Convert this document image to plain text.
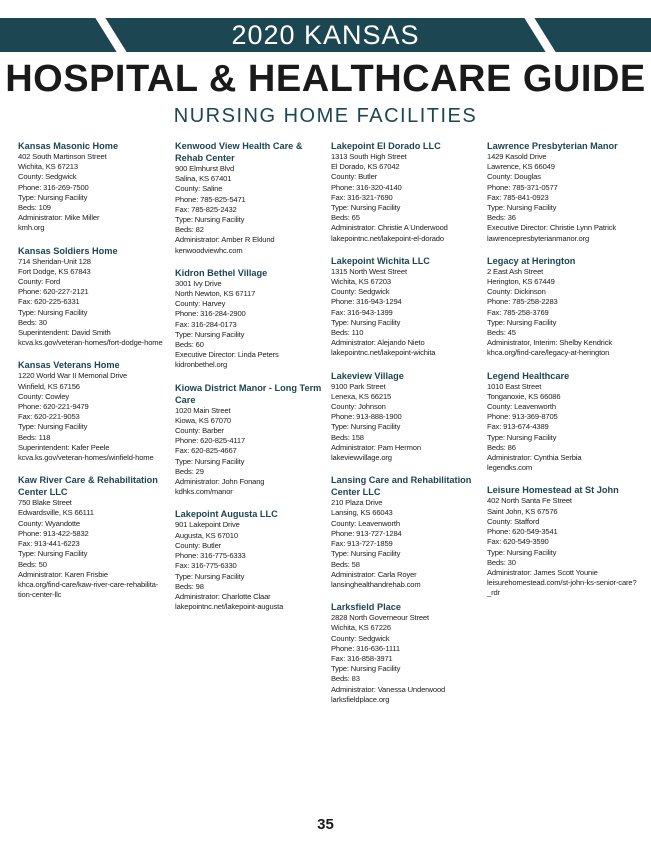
2020 KANSAS
HOSPITAL & HEALTHCARE GUIDE
NURSING HOME FACILITIES
Kansas Masonic Home
402 South Martinson Street
Wichita, KS 67213
County: Sedgwick
Phone: 316-269-7500
Type: Nursing Facility
Beds: 109
Administrator: Mike Miller
kmh.org
Kansas Soldiers Home
714 Sheridan-Unit 128
Fort Dodge, KS 67843
County: Ford
Phone: 620-227-2121
Fax: 620-225-6331
Type: Nursing Facility
Beds: 30
Superintendent: David Smith
kcva.ks.gov/veteran-homes/fort-dodge-home
Kansas Veterans Home
1220 World War II Memorial Drive
Winfield, KS 67156
County: Cowley
Phone: 620-221-9479
Fax: 620-221-9053
Type: Nursing Facility
Beds: 118
Superintendent: Kafer Peele
kcva.ks.gov/veteran-homes/winfield-home
Kaw River Care & Rehabilitation Center LLC
750 Blake Street
Edwardsville, KS 66111
County: Wyandotte
Phone: 913-422-5832
Fax: 913-441-6223
Type: Nursing Facility
Beds: 50
Administrator: Karen Frisbie
khca.org/find-care/kaw-river-care-rehabilita-tion-center-llc
Kenwood View Health Care & Rehab Center
900 Elmhurst Blvd
Salina, KS 67401
County: Saline
Phone: 785-825-5471
Fax: 785-825-2432
Type: Nursing Facility
Beds: 82
Administrator: Amber R Eklund
kenwoodviewhc.com
Kidron Bethel Village
3001 Ivy Drive
North Newton, KS 67117
County: Harvey
Phone: 316-284-2900
Fax: 316-284-0173
Type: Nursing Facility
Beds: 60
Executive Director: Linda Peters
kidronbethel.org
Kiowa District Manor - Long Term Care
1020 Main Street
Kiowa, KS 67070
County: Barber
Phone: 620-825-4117
Fax: 620-825-4667
Type: Nursing Facility
Beds: 29
Administrator: John Fonang
kdhks.com/manor
Lakepoint Augusta LLC
901 Lakepoint Drive
Augusta, KS 67010
County: Butler
Phone: 316-775-6333
Fax: 316-775-6330
Type: Nursing Facility
Beds: 98
Administrator: Charlotte Claar
lakepointnc.net/lakepoint-augusta
Lakepoint El Dorado LLC
1313 South High Street
El Dorado, KS 67042
County: Butler
Phone: 316-320-4140
Fax: 316-321-7690
Type: Nursing Facility
Beds: 65
Administrator: Christie A Underwood
lakepointnc.net/lakepoint-el-dorado
Lakepoint Wichita LLC
1315 North West Street
Wichita, KS 67203
County: Sedgwick
Phone: 316-943-1294
Fax: 316-943-1399
Type: Nursing Facility
Beds: 110
Administrator: Alejando Nieto
lakepointnc.net/lakepoint-wichita
Lakeview Village
9100 Park Street
Lenexa, KS 66215
County: Johnson
Phone: 913-888-1900
Type: Nursing Facility
Beds: 158
Administrator: Pam Hermon
lakeviewvillage.org
Lansing Care and Rehabilitation Center LLC
210 Plaza Drive
Lansing, KS 66043
County: Leavenworth
Phone: 913-727-1284
Fax: 913-727-1859
Type: Nursing Facility
Beds: 58
Administrator: Carla Royer
lansinghealthandrehab.com
Larksfield Place
2828 North Governeour Street
Wichita, KS 67226
County: Sedgwick
Phone: 316-636-1111
Fax: 316-858-3971
Type: Nursing Facility
Beds: 83
Administrator: Vanessa Underwood
larksfieldplace.org
Lawrence Presbyterian Manor
1429 Kasold Drive
Lawrence, KS 66049
County: Douglas
Phone: 785-371-0577
Fax: 785-841-0923
Type: Nursing Facility
Beds: 36
Executive Director: Christie Lynn Patrick
lawrencepresbyterianmanor.org
Legacy at Herington
2 East Ash Street
Herington, KS 67449
County: Dickinson
Phone: 785-258-2283
Fax: 785-258-3769
Type: Nursing Facility
Beds: 45
Administrator, Interim: Shelby Kendrick
khca.org/find-care/legacy-at-herington
Legend Healthcare
1010 East Street
Tonganoxie, KS 66086
County: Leavenworth
Phone: 913-369-8705
Fax: 913-674-4389
Type: Nursing Facility
Beds: 86
Administrator: Cynthia Serbia
legendks.com
Leisure Homestead at St John
402 North Santa Fe Street
Saint John, KS 67576
County: Stafford
Phone: 620-549-3541
Fax: 620-549-3590
Type: Nursing Facility
Beds: 30
Administrator: James Scott Younie
leisurehomestead.com/st-john-ks-senior-care?_rdr
35
